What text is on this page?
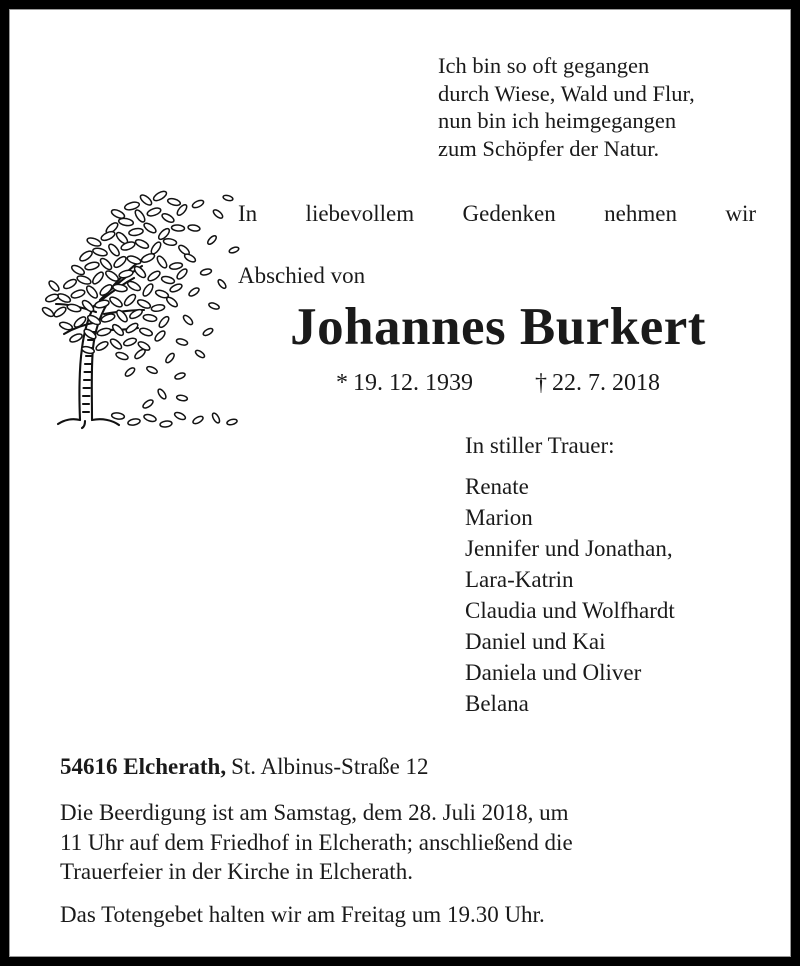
Ich bin so oft gegangen
durch Wiese, Wald und Flur,
nun bin ich heimgegangen
zum Schöpfer der Natur.
In liebevollem Gedenken nehmen wir
Abschied von
Johannes Burkert
* 19. 12. 1939	† 22. 7. 2018
In stiller Trauer:
Renate
Marion
Jennifer und Jonathan,
Lara-Katrin
Claudia und Wolfhardt
Daniel und Kai
Daniela und Oliver
Belana
54616 Elcherath, St. Albinus-Straße 12
Die Beerdigung ist am Samstag, dem 28. Juli 2018, um
11 Uhr auf dem Friedhof in Elcherath; anschließend die
Trauerfeier in der Kirche in Elcherath.
Das Totengebet halten wir am Freitag um 19.30 Uhr.
